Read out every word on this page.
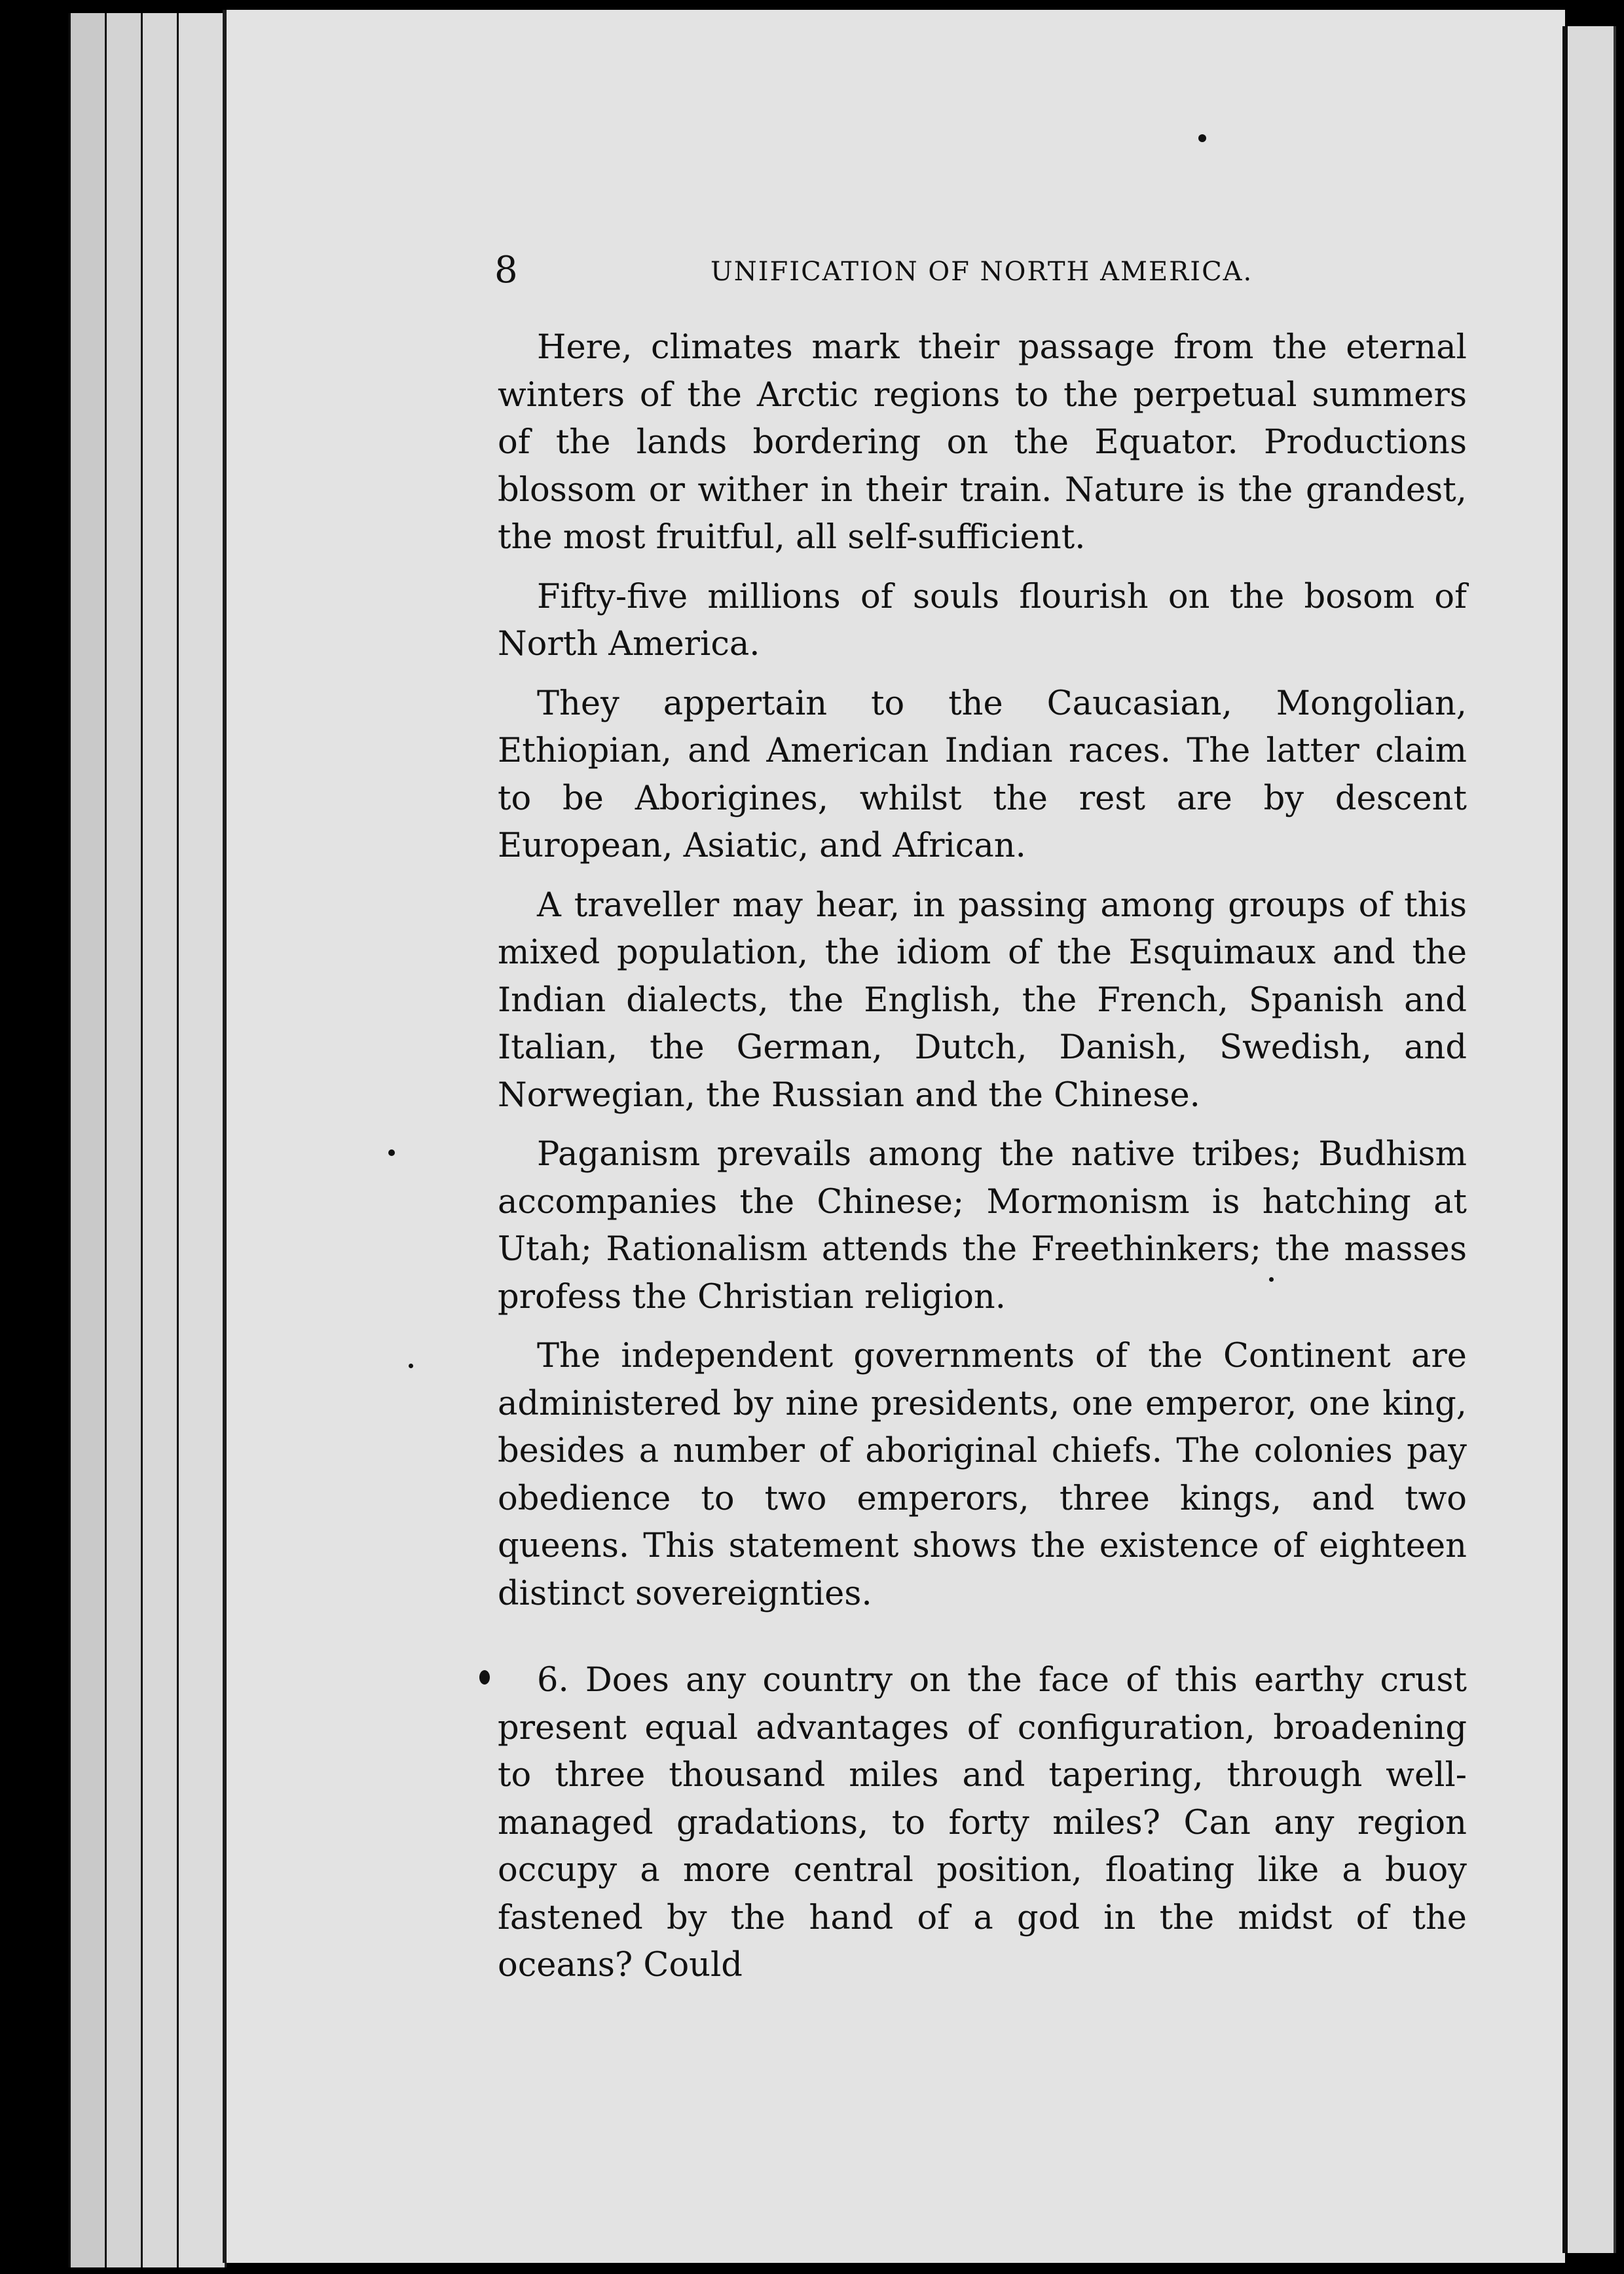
8	UNIFICATION OF NORTH AMERICA.

Here, climates mark their passage from the eternal winters of the Arctic regions to the perpetual summers of the lands bordering on the Equator. Productions blossom or wither in their train. Nature is the grandest, the most fruitful, all self-sufficient.

Fifty-five millions of souls flourish on the bosom of North America.

They appertain to the Caucasian, Mongolian, Ethiopian, and American Indian races. The latter claim to be Aborigines, whilst the rest are by descent European, Asiatic, and African.

A traveller may hear, in passing among groups of this mixed population, the idiom of the Esquimaux and the Indian dialects, the English, the French, Spanish and Italian, the German, Dutch, Danish, Swedish, and Norwegian, the Russian and the Chinese.

Paganism prevails among the native tribes; Budhism accompanies the Chinese; Mormonism is hatching at Utah; Rationalism attends the Freethinkers; the masses profess the Christian religion.

The independent governments of the Continent are administered by nine presidents, one emperor, one king, besides a number of aboriginal chiefs. The colonies pay obedience to two emperors, three kings, and two queens. This statement shows the existence of eighteen distinct sovereignties.

6. Does any country on the face of this earthy crust present equal advantages of configuration, broadening to three thousand miles and tapering, through well-managed gradations, to forty miles? Can any region occupy a more central position, floating like a buoy fastened by the hand of a god in the midst of the oceans? Could
